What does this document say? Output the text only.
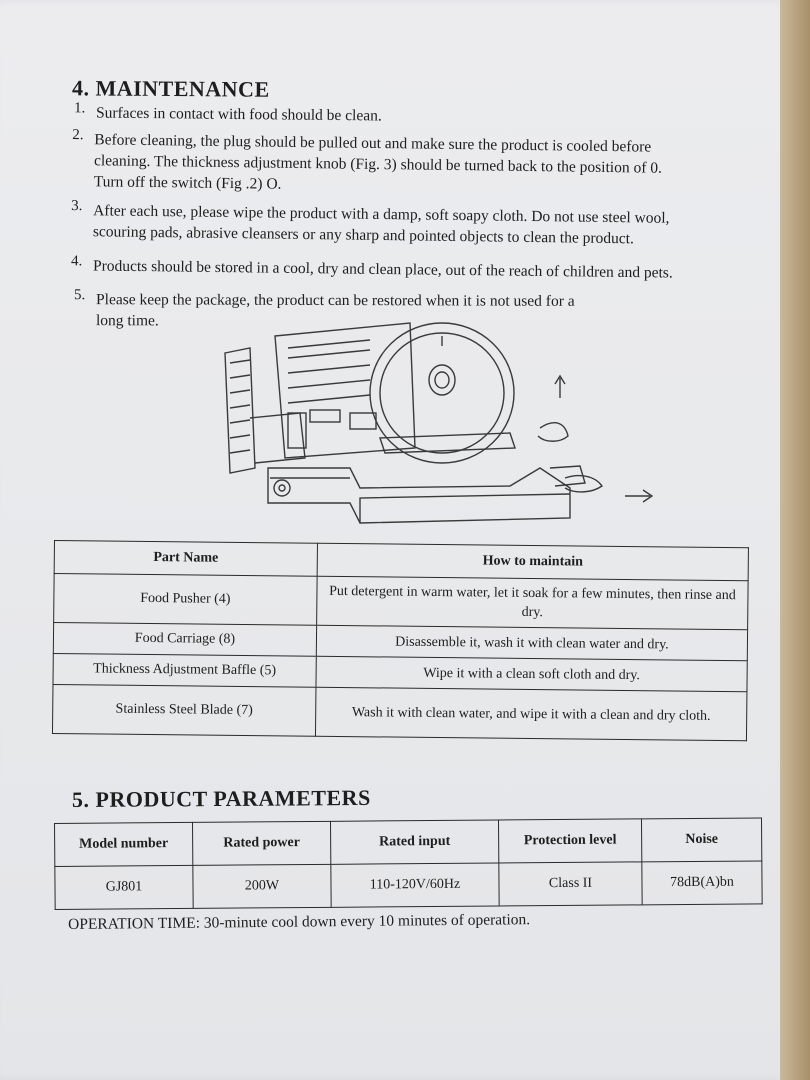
4. MAINTENANCE
1. Surfaces in contact with food should be clean.
2. Before cleaning, the plug should be pulled out and make sure the product is cooled before
cleaning. The thickness adjustment knob (Fig. 3) should be turned back to the position of 0.
Turn off the switch (Fig .2) O.
3. After each use, please wipe the product with a damp, soft soapy cloth. Do not use steel wool,
scouring pads, abrasive cleansers or any sharp and pointed objects to clean the product.
4. Products should be stored in a cool, dry and clean place, out of the reach of children and pets.
5. Please keep the package, the product can be restored when it is not used for a
long time.
Part Name	How to maintain
Food Pusher (4)	Put detergent in warm water, let it soak for a few minutes, then rinse and dry.
Food Carriage (8)	Disassemble it, wash it with clean water and dry.
Thickness Adjustment Baffle (5)	Wipe it with a clean soft cloth and dry.
Stainless Steel Blade (7)	Wash it with clean water, and wipe it with a clean and dry cloth.
5. PRODUCT PARAMETERS
Model number	Rated power	Rated input	Protection level	Noise
GJ801	200W	110-120V/60Hz	Class II	78dB(A)bn
OPERATION TIME: 30-minute cool down every 10 minutes of operation.
